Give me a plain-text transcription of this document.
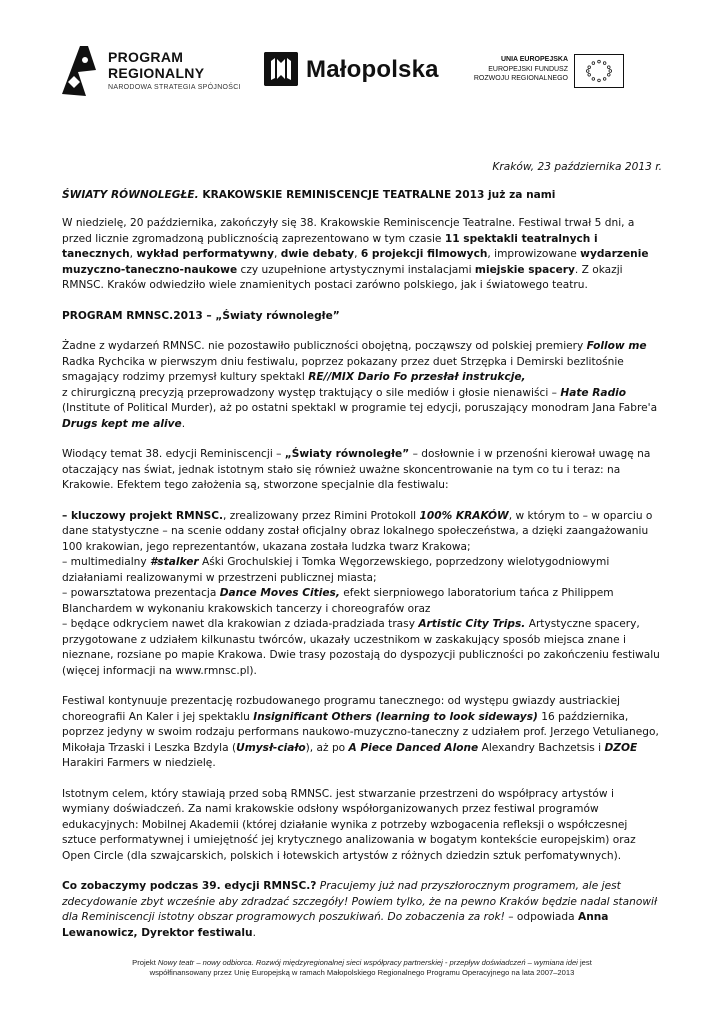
PROGRAM
REGIONALNY
NARODOWA STRATEGIA SPÓJNOŚCI
Małopolska	UNIA EUROPEJSKA
EUROPEJSKI FUNDUSZ
ROZWOJU REGIONALNEGO
Kraków, 23 października 2013 r.
ŚWIATY RÓWNOLEGŁE. KRAKOWSKIE REMINISCENCJE TEATRALNE 2013 już za nami

W niedzielę, 20 października, zakończyły się 38. Krakowskie Reminiscencje Teatralne. Festiwal trwał 5 dni, a przed licznie zgromadzoną publicznością zaprezentowano w tym czasie 11 spektakli teatralnych i tanecznych, wykład performatywny, dwie debaty, 6 projekcji filmowych, improwizowane wydarzenie muzyczno-taneczno-naukowe czy uzupełnione artystycznymi instalacjami miejskie spacery. Z okazji RMNSC. Kraków odwiedziło wiele znamienitych postaci zarówno polskiego, jak i światowego teatru.

PROGRAM RMNSC.2013 – „Światy równoległe”

Żadne z wydarzeń RMNSC. nie pozostawiło publiczności obojętną, począwszy od polskiej premiery Follow me Radka Rychcika w pierwszym dniu festiwalu, poprzez pokazany przez duet Strzępka i Demirski bezlitośnie smagający rodzimy przemysł kultury spektakl RE//MIX Dario Fo przesłał instrukcje,
z chirurgiczną precyzją przeprowadzony występ traktujący o sile mediów i głosie nienawiści – Hate Radio (Institute of Political Murder), aż po ostatni spektakl w programie tej edycji, poruszający monodram Jana Fabre'a Drugs kept me alive.

Wiodący temat 38. edycji Reminiscencji – „Światy równoległe” – dosłownie i w przenośni kierował uwagę na otaczający nas świat, jednak istotnym stało się również uważne skoncentrowanie na tym co tu i teraz: na Krakowie. Efektem tego założenia są, stworzone specjalnie dla festiwalu:

– kluczowy projekt RMNSC., zrealizowany przez Rimini Protokoll 100% KRAKÓW, w którym to – w oparciu o dane statystyczne – na scenie oddany został oficjalny obraz lokalnego społeczeństwa, a dzięki zaangażowaniu 100 krakowian, jego reprezentantów, ukazana została ludzka twarz Krakowa;
– multimedialny #stalker Aśki Grochulskiej i Tomka Węgorzewskiego, poprzedzony wielotygodniowymi działaniami realizowanymi w przestrzeni publicznej miasta;
– powarsztatowa prezentacja Dance Moves Cities, efekt sierpniowego laboratorium tańca z Philippem Blanchardem w wykonaniu krakowskich tancerzy i choreografów oraz
– będące odkryciem nawet dla krakowian z dziada-pradziada trasy Artistic City Trips. Artystyczne spacery, przygotowane z udziałem kilkunastu twórców, ukazały uczestnikom w zaskakujący sposób miejsca znane i nieznane, rozsiane po mapie Krakowa. Dwie trasy pozostają do dyspozycji publiczności po zakończeniu festiwalu (więcej informacji na www.rmnsc.pl).

Festiwal kontynuuje prezentację rozbudowanego programu tanecznego: od występu gwiazdy austriackiej choreografii An Kaler i jej spektaklu Insignificant Others (learning to look sideways) 16 października, poprzez jedyny w swoim rodzaju performans naukowo-muzyczno-taneczny z udziałem prof. Jerzego Vetulianego, Mikołaja Trzaski i Leszka Bzdyla (Umysł-ciało), aż po A Piece Danced Alone Alexandry Bachzetsis i DZOE Harakiri Farmers w niedzielę.

Istotnym celem, który stawiają przed sobą RMNSC. jest stwarzanie przestrzeni do współpracy artystów i wymiany doświadczeń. Za nami krakowskie odsłony współorganizowanych przez festiwal programów edukacyjnych: Mobilnej Akademii (której działanie wynika z potrzeby wzbogacenia refleksji o współczesnej sztuce performatywnej i umiejętność jej krytycznego analizowania w bogatym kontekście europejskim) oraz Open Circle (dla szwajcarskich, polskich i łotewskich artystów z różnych dziedzin sztuk perfomatywnych).

Co zobaczymy podczas 39. edycji RMNSC.? Pracujemy już nad przyszłorocznym programem, ale jest zdecydowanie zbyt wcześnie aby zdradzać szczegóły! Powiem tylko, że na pewno Kraków będzie nadal stanowił dla Reminiscencji istotny obszar programowych poszukiwań. Do zobaczenia za rok! – odpowiada Anna Lewanowicz, Dyrektor festiwalu.

Projekt Nowy teatr – nowy odbiorca. Rozwój międzyregionalnej sieci współpracy partnerskiej - przepływ doświadczeń – wymiana idei jest
współfinansowany przez Unię Europejską w ramach Małopolskiego Regionalnego Programu Operacyjnego na lata 2007–2013
